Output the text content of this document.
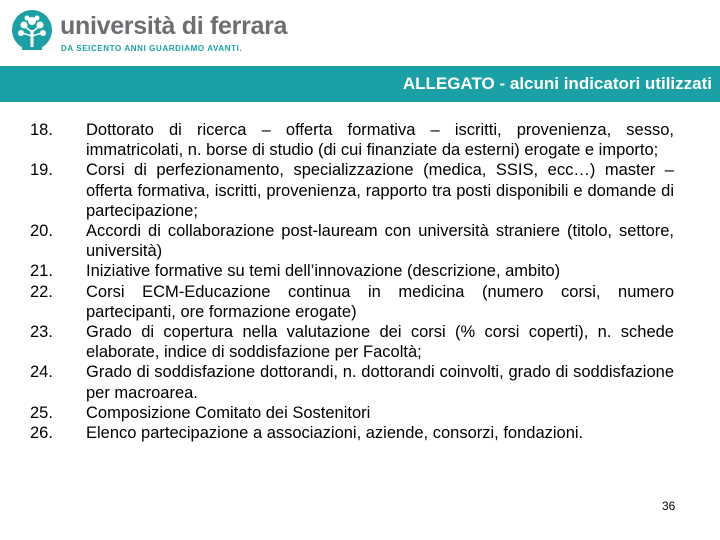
università di ferrara
DA SEICENTO ANNI GUARDIAMO AVANTI.
ALLEGATO - alcuni indicatori utilizzati
18.	Dottorato di ricerca – offerta formativa – iscritti, provenienza, sesso, immatricolati, n. borse di studio (di cui finanziate da esterni) erogate e importo;
19.	Corsi di perfezionamento, specializzazione (medica, SSIS, ecc…) master – offerta formativa, iscritti, provenienza, rapporto tra posti disponibili e domande di partecipazione;
20.	Accordi di collaborazione post-lauream con università straniere (titolo, settore, università)
21.	Iniziative formative su temi dell’innovazione (descrizione, ambito)
22.	Corsi ECM-Educazione continua in medicina (numero corsi, numero partecipanti, ore formazione erogate)
23.	Grado di copertura nella valutazione dei corsi (% corsi coperti), n. schede elaborate, indice di soddisfazione per Facoltà;
24.	Grado di soddisfazione dottorandi, n. dottorandi coinvolti, grado di soddisfazione per macroarea.
25.	Composizione Comitato dei Sostenitori
26.	Elenco partecipazione a associazioni, aziende, consorzi, fondazioni.
36
